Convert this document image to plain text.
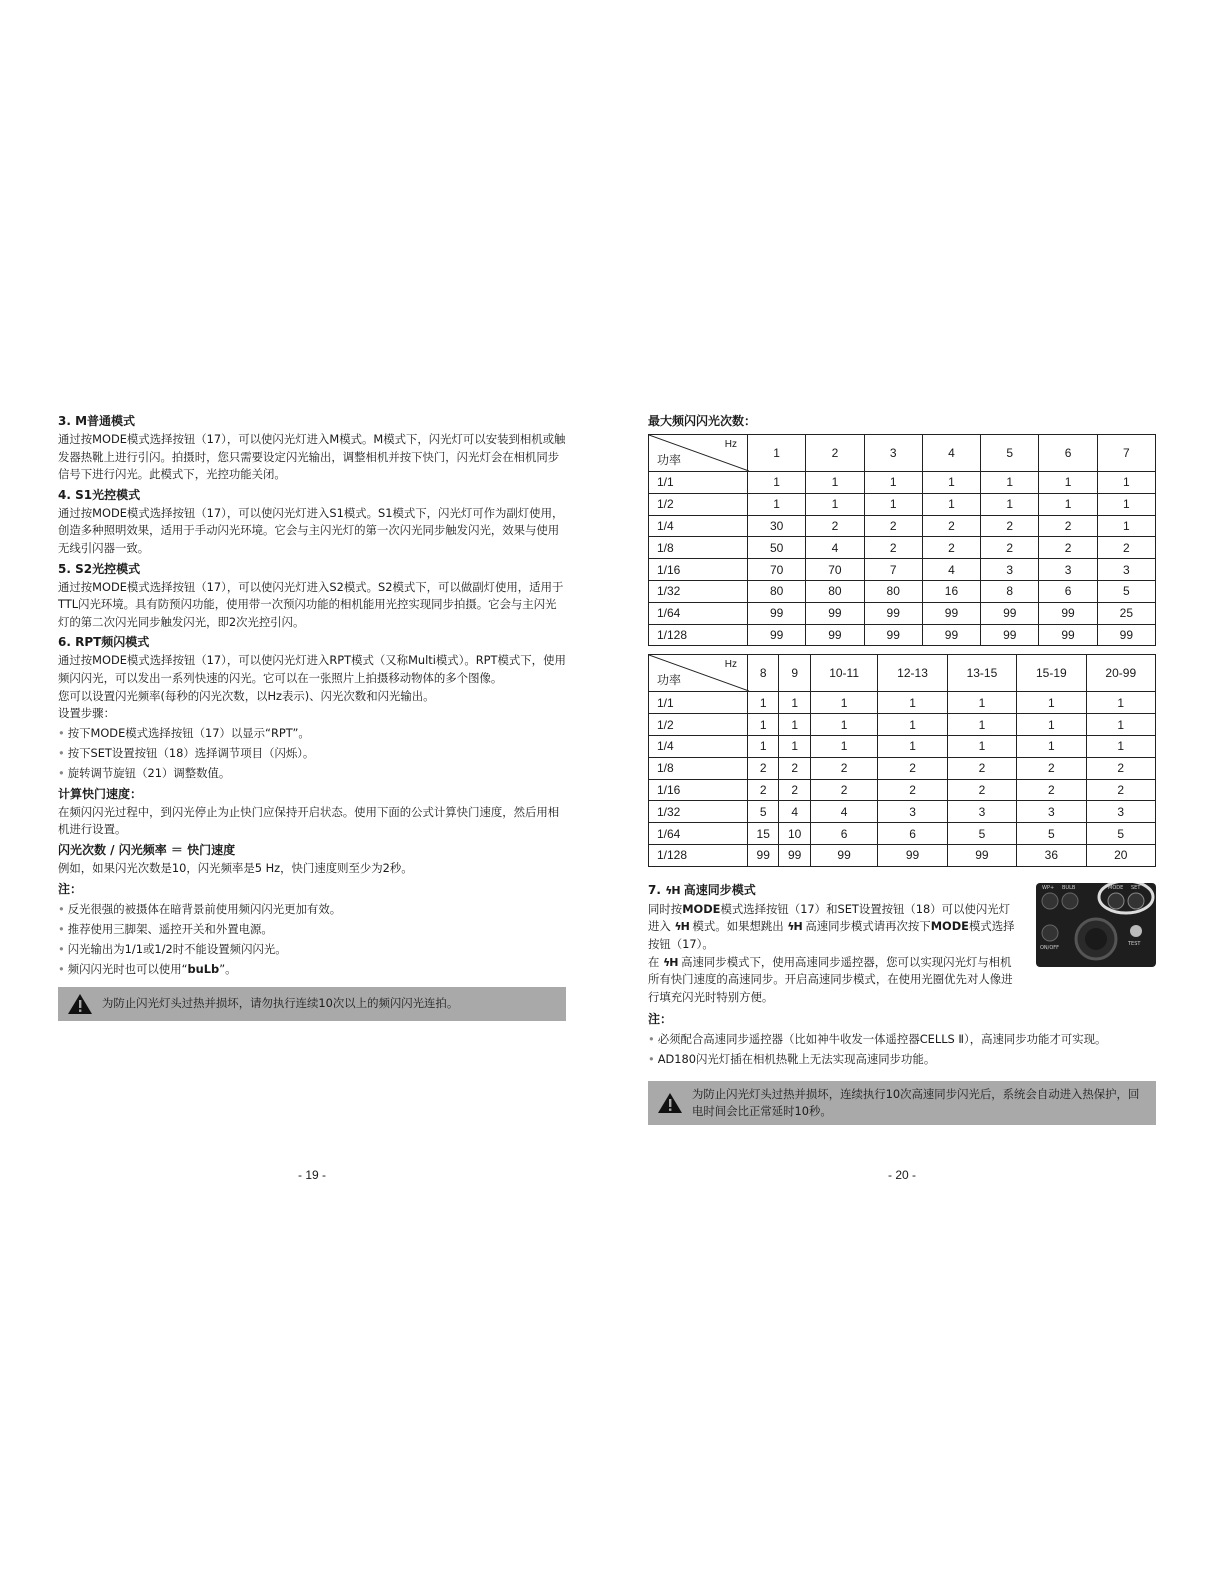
3. M普通模式

通过按MODE模式选择按钮（17），可以使闪光灯进入M模式。M模式下，闪光灯可以安装到相机或触发器热靴上进行引闪。拍摄时，您只需要设定闪光输出，调整相机并按下快门，闪光灯会在相机同步信号下进行闪光。此模式下，光控功能关闭。

4. S1光控模式

通过按MODE模式选择按钮（17），可以使闪光灯进入S1模式。S1模式下，闪光灯可作为副灯使用，创造多种照明效果，适用于手动闪光环境。它会与主闪光灯的第一次闪光同步触发闪光，效果与使用无线引闪器一致。

5. S2光控模式

通过按MODE模式选择按钮（17），可以使闪光灯进入S2模式。S2模式下，可以做副灯使用，适用于TTL闪光环境。具有防预闪功能，使用带一次预闪功能的相机能用光控实现同步拍摄。它会与主闪光灯的第二次闪光同步触发闪光，即2次光控引闪。

6. RPT频闪模式

通过按MODE模式选择按钮（17），可以使闪光灯进入RPT模式（又称Multi模式）。RPT模式下，使用频闪闪光，可以发出一系列快速的闪光。它可以在一张照片上拍摄移动物体的多个图像。

您可以设置闪光频率(每秒的闪光次数，以Hz表示)、闪光次数和闪光输出。

设置步骤：

• 按下MODE模式选择按钮（17）以显示“RPT”。

• 按下SET设置按钮（18）选择调节项目（闪烁）。

• 旋转调节旋钮（21）调整数值。

计算快门速度：

在频闪闪光过程中，到闪光停止为止快门应保持开启状态。使用下面的公式计算快门速度，然后用相机进行设置。

闪光次数 / 闪光频率 ＝ 快门速度

例如，如果闪光次数是10，闪光频率是5 Hz，快门速度则至少为2秒。

注：

• 反光很强的被摄体在暗背景前使用频闪闪光更加有效。

• 推荐使用三脚架、遥控开关和外置电源。

• 闪光输出为1/1或1/2时不能设置频闪闪光。

• 频闪闪光时也可以使用“buLb”。

为防止闪光灯头过热并损坏，请勿执行连续10次以上的频闪闪光连拍。
- 19 -
最大频闪闪光次数：
Hz
功率	1	2	3	4	5	6	7
1/1	1	1	1	1	1	1	1
1/2	1	1	1	1	1	1	1
1/4	30	2	2	2	2	2	1
1/8	50	4	2	2	2	2	2
1/16	70	70	7	4	3	3	3
1/32	80	80	80	16	8	6	5
1/64	99	99	99	99	99	99	25
1/128	99	99	99	99	99	99	99
Hz
功率	8	9	10-11	12-13	13-15	15-19	20-99
1/1	1	1	1	1	1	1	1
1/2	1	1	1	1	1	1	1
1/4	1	1	1	1	1	1	1
1/8	2	2	2	2	2	2	2
1/16	2	2	2	2	2	2	2
1/32	5	4	4	3	3	3	3
1/64	15	10	6	6	5	5	5
1/128	99	99	99	99	99	36	20
7. ϟH 高速同步模式

同时按MODE模式选择按钮（17）和SET设置按钮（18）可以使闪光灯进入 ϟH 模式。如果想跳出 ϟH 高速同步模式请再次按下MODE模式选择按钮（17）。

在 ϟH 高速同步模式下，使用高速同步遥控器，您可以实现闪光灯与相机所有快门速度的高速同步。开启高速同步模式，在使用光圈优先对人像进行填充闪光时特别方便。

WP+ BULB	MODE SET
ON/OFF
TEST
注：

• 必须配合高速同步遥控器（比如神牛收发一体遥控器CELLS Ⅱ），高速同步功能才可实现。

• AD180闪光灯插在相机热靴上无法实现高速同步功能。

为防止闪光灯头过热并损坏，连续执行10次高速同步闪光后，系统会自动进入热保护，回电时间会比正常延时10秒。
- 20 -
